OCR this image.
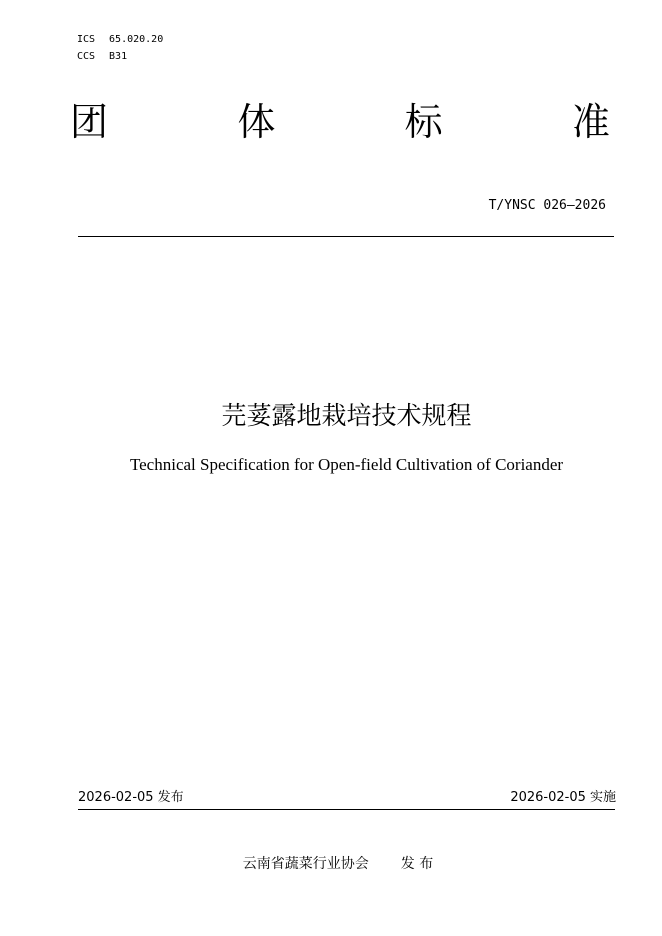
ICS 65.020.20
CCS B31
团	体	标	准
T/YNSC 026—2026
芫荽露地栽培技术规程
Technical Specification for Open-field Cultivation of Coriander
2026-02-05 发布	2026-02-05 实施
云南省蔬菜行业协会 发 布
